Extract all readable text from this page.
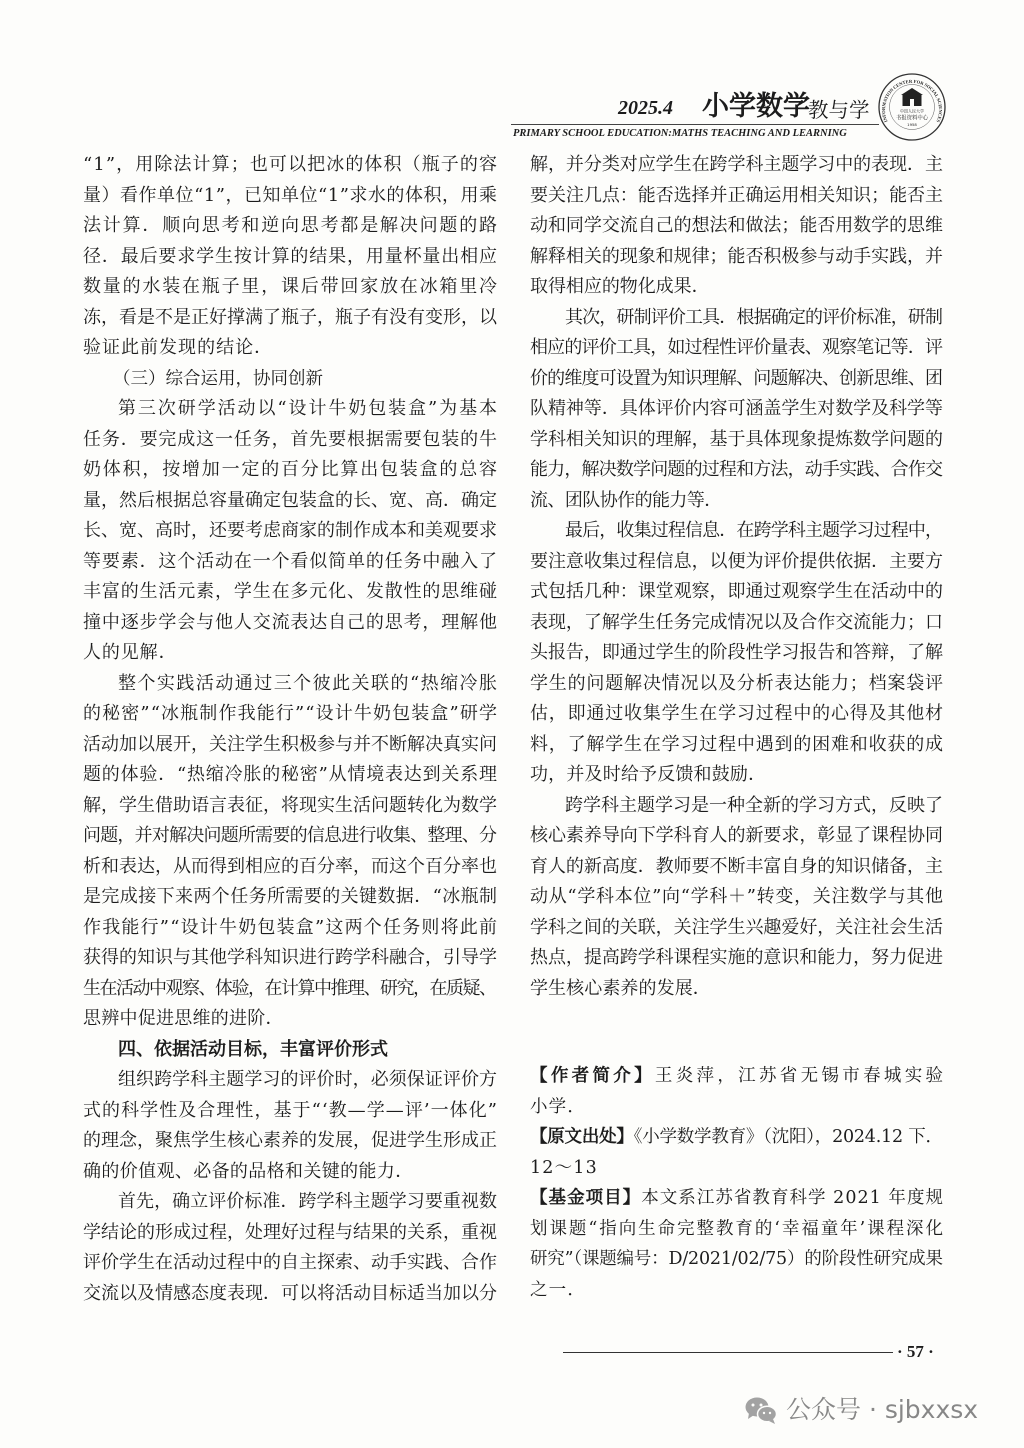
2025.4 小学数学
教与学
PRIMARY SCHOOL EDUCATION:MATHS TEACHING AND LEARNING
INFORMATION CENTER FOR SOCIAL SCIENCES
中国人民大学
书报资料中心
1958
“1”，用除法计算；也可以把冰的体积（瓶子的容
量）看作单位“1”，已知单位“1”求水的体积，用乘
法计算．顺向思考和逆向思考都是解决问题的路
径．最后要求学生按计算的结果，用量杯量出相应
数量的水装在瓶子里，课后带回家放在冰箱里冷
冻，看是不是正好撑满了瓶子，瓶子有没有变形，以
验证此前发现的结论．
（三）综合运用，协同创新
第三次研学活动以“设计牛奶包装盒”为基本
任务．要完成这一任务，首先要根据需要包装的牛
奶体积，按增加一定的百分比算出包装盒的总容
量，然后根据总容量确定包装盒的长、宽、高．确定
长、宽、高时，还要考虑商家的制作成本和美观要求
等要素．这个活动在一个看似简单的任务中融入了
丰富的生活元素，学生在多元化、发散性的思维碰
撞中逐步学会与他人交流表达自己的思考，理解他
人的见解．
整个实践活动通过三个彼此关联的“热缩冷胀
的秘密”“冰瓶制作我能行”“设计牛奶包装盒”研学
活动加以展开，关注学生积极参与并不断解决真实问
题的体验．“热缩冷胀的秘密”从情境表达到关系理
解，学生借助语言表征，将现实生活问题转化为数学
问题，并对解决问题所需要的信息进行收集、整理、分
析和表达，从而得到相应的百分率，而这个百分率也
是完成接下来两个任务所需要的关键数据．“冰瓶制
作我能行”“设计牛奶包装盒”这两个任务则将此前
获得的知识与其他学科知识进行跨学科融合，引导学
生在活动中观察、体验，在计算中推理、研究，在质疑、
思辨中促进思维的进阶．
四、依据活动目标，丰富评价形式
组织跨学科主题学习的评价时，必须保证评价方
式的科学性及合理性，基于“‘教—学—评’一体化”
的理念，聚焦学生核心素养的发展，促进学生形成正
确的价值观、必备的品格和关键的能力．
首先，确立评价标准．跨学科主题学习要重视数
学结论的形成过程，处理好过程与结果的关系，重视
评价学生在活动过程中的自主探索、动手实践、合作
交流以及情感态度表现．可以将活动目标适当加以分
解，并分类对应学生在跨学科主题学习中的表现．主
要关注几点：能否选择并正确运用相关知识；能否主
动和同学交流自己的想法和做法；能否用数学的思维
解释相关的现象和规律；能否积极参与动手实践，并
取得相应的物化成果．
其次，研制评价工具．根据确定的评价标准，研制
相应的评价工具，如过程性评价量表、观察笔记等．评
价的维度可设置为知识理解、问题解决、创新思维、团
队精神等．具体评价内容可涵盖学生对数学及科学等
学科相关知识的理解，基于具体现象提炼数学问题的
能力，解决数学问题的过程和方法，动手实践、合作交
流、团队协作的能力等．
最后，收集过程信息．在跨学科主题学习过程中，
要注意收集过程信息，以便为评价提供依据．主要方
式包括几种：课堂观察，即通过观察学生在活动中的
表现，了解学生任务完成情况以及合作交流能力；口
头报告，即通过学生的阶段性学习报告和答辩，了解
学生的问题解决情况以及分析表达能力；档案袋评
估，即通过收集学生在学习过程中的心得及其他材
料，了解学生在学习过程中遇到的困难和收获的成
功，并及时给予反馈和鼓励．
跨学科主题学习是一种全新的学习方式，反映了
核心素养导向下学科育人的新要求，彰显了课程协同
育人的新高度．教师要不断丰富自身的知识储备，主
动从“学科本位”向“学科＋”转变，关注数学与其他
学科之间的关联，关注学生兴趣爱好，关注社会生活
热点，提高跨学科课程实施的意识和能力，努力促进
学生核心素养的发展．
【作者简介】王炎萍，江苏省无锡市春城实验
小学．
【原文出处】《小学数学教育》（沈阳），2024.12 下．
12～13
【基金项目】本文系江苏省教育科学 2021 年度规
划课题“指向生命完整教育的‘幸福童年’课程深化
研究”（课题编号：D/2021/02/75）的阶段性研究成果
之一．
· 57 ·
公众号 · sjbxxsx
